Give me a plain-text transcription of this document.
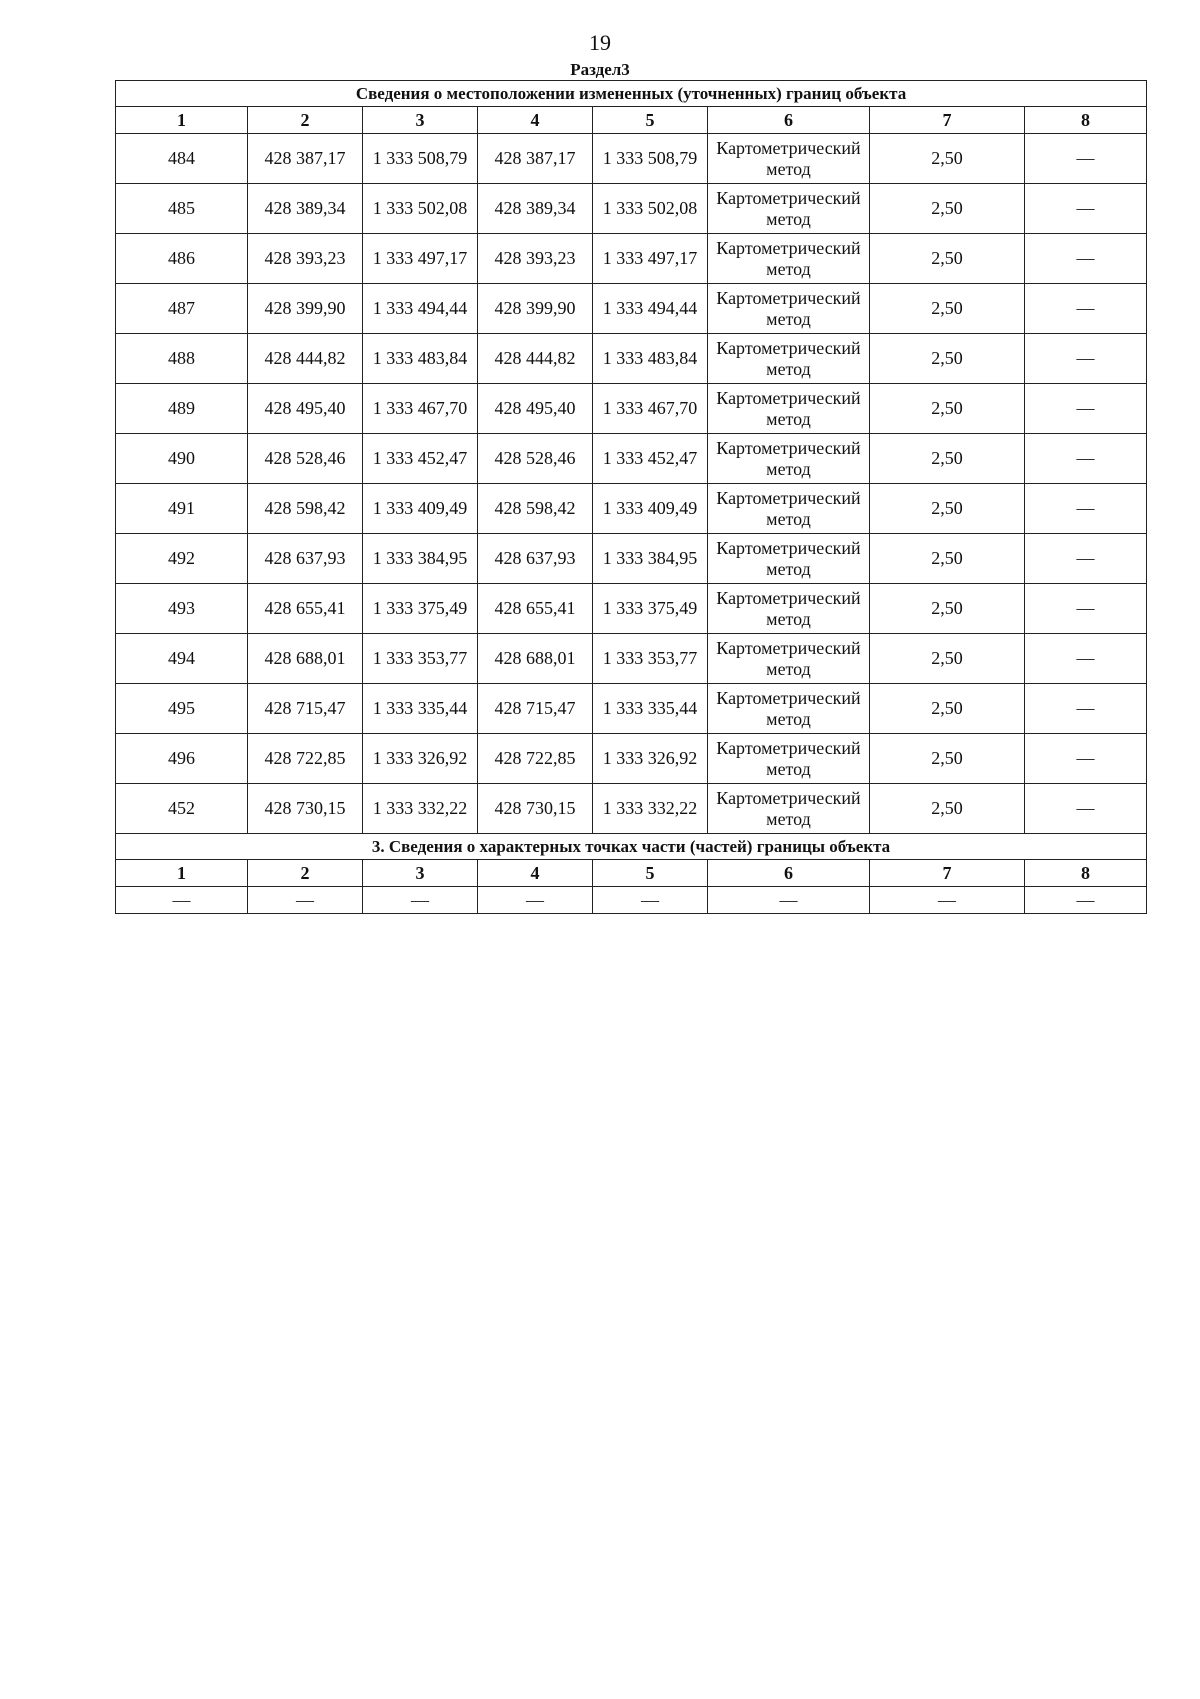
19
Раздел3
Сведения о местоположении измененных (уточненных) границ объекта							
1	2	3	4	5	6	7	8
484	428 387,17	1 333 508,79	428 387,17	1 333 508,79	Картометрический метод	2,50	—
485	428 389,34	1 333 502,08	428 389,34	1 333 502,08	Картометрический метод	2,50	—
486	428 393,23	1 333 497,17	428 393,23	1 333 497,17	Картометрический метод	2,50	—
487	428 399,90	1 333 494,44	428 399,90	1 333 494,44	Картометрический метод	2,50	—
488	428 444,82	1 333 483,84	428 444,82	1 333 483,84	Картометрический метод	2,50	—
489	428 495,40	1 333 467,70	428 495,40	1 333 467,70	Картометрический метод	2,50	—
490	428 528,46	1 333 452,47	428 528,46	1 333 452,47	Картометрический метод	2,50	—
491	428 598,42	1 333 409,49	428 598,42	1 333 409,49	Картометрический метод	2,50	—
492	428 637,93	1 333 384,95	428 637,93	1 333 384,95	Картометрический метод	2,50	—
493	428 655,41	1 333 375,49	428 655,41	1 333 375,49	Картометрический метод	2,50	—
494	428 688,01	1 333 353,77	428 688,01	1 333 353,77	Картометрический метод	2,50	—
495	428 715,47	1 333 335,44	428 715,47	1 333 335,44	Картометрический метод	2,50	—
496	428 722,85	1 333 326,92	428 722,85	1 333 326,92	Картометрический метод	2,50	—
452	428 730,15	1 333 332,22	428 730,15	1 333 332,22	Картометрический метод	2,50	—
3. Сведения о характерных точках части (частей) границы объекта							
1	2	3	4	5	6	7	8
—	—	—	—	—	—	—	—
